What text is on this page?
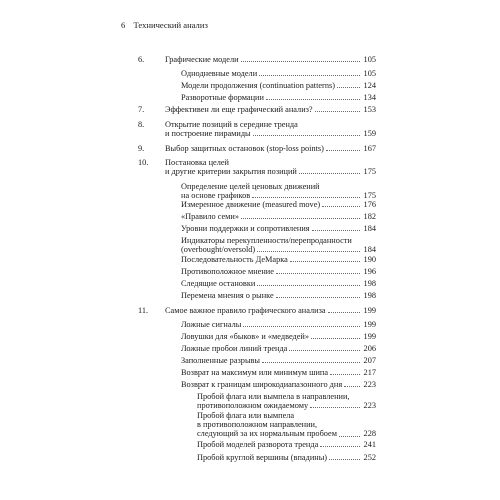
6 Технический анализ
6.	Графические модели	105
Однодневные модели	105
Модели продолжения (continuation patterns)	124
Разворотные формации	134
7.	Эффективен ли еще графический анализ?	153
8.	Открытие позиций в середине тренда
и построение пирамиды	159
9.	Выбор защитных остановок (stop-loss points)	167
10. Постановка целей
и другие критерии закрытия позиций	175
Определение целей ценовых движений
на основе графиков	175
Измеренное движение (measured move)	176
«Правило семи»	182
Уровни поддержки и сопротивления	184
Индикаторы перекупленности/перепроданности
(overbought/oversold)	184
Последовательность ДеМарка	190
Противоположное мнение	196
Следящие остановки	198
Перемена мнения о рынке	198
11. Самое важное правило графического анализа	199
Ложные сигналы	199
Ловушки для «быков» и «медведей»	199
Ложные пробои линий тренда	206
Заполненные разрывы	207
Возврат на максимум или минимум шипа	217
Возврат к границам широкодиапазонного дня	223
Пробой флага или вымпела в направлении,
противоположном ожидаемому	223
Пробой флага или вымпела
в противоположном направлении,
следующий за их нормальным пробоем	228
Пробой моделей разворота тренда	241
Пробой круглой вершины (впадины)	252
